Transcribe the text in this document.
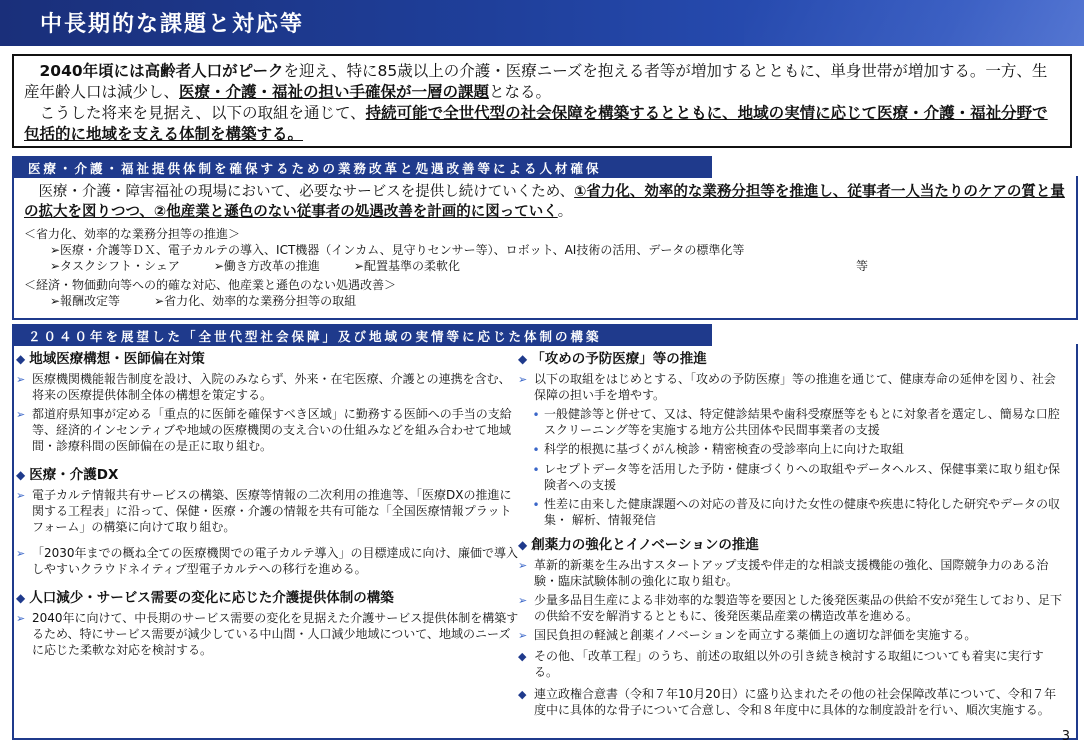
中長期的な課題と対応等

　2040年頃には高齢者人口がピークを迎え、特に85歳以上の介護・医療ニーズを抱える者等が増加するとともに、単身世帯が増加する。一方、生産年齢人口は減少し、医療・介護・福祉の担い手確保が一層の課題となる。

　こうした将来を見据え、以下の取組を通じて、持続可能で全世代型の社会保障を構築するとともに、地域の実情に応じて医療・介護・福祉分野で包括的に地域を支える体制を構築する。

医療・介護・福祉提供体制を確保するための業務改革と処遇改善等による人材確保

　医療・介護・障害福祉の現場において、必要なサービスを提供し続けていくため、①省力化、効率的な業務分担等を推進し、従事者一人当たりのケアの質と量の拡大を図りつつ、②他産業と遜色のない従事者の処遇改善を計画的に図っていく。

＜省力化、効率的な業務分担等の推進＞
➢医療・介護等ＤＸ、電子カルテの導入、ICT機器（インカム、見守りセンサー等）、ロボット、AI技術の活用、データの標準化等
➢タスクシフト・シェア	➢働き方改革の推進	➢配置基準の柔軟化	等
＜経済・物価動向等への的確な対応、他産業と遜色のない処遇改善＞
➢報酬改定等	➢省力化、効率的な業務分担等の取組
２０４０年を展望した「全世代型社会保障」及び地域の実情等に応じた体制の構築
◆ 地域医療構想・医師偏在対策
➢ 医療機関機能報告制度を設け、入院のみならず、外来・在宅医療、介護との連携を含む、将来の医療提供体制全体の構想を策定する。
➢ 都道府県知事が定める「重点的に医師を確保すべき区域」に勤務する医師への手当の支給等、経済的インセンティブや地域の医療機関の支え合いの仕組みなどを組み合わせて地域間・診療科間の医師偏在の是正に取り組む。
◆ 医療・介護DX
➢ 電子カルテ情報共有サービスの構築、医療等情報の二次利用の推進等、「医療DXの推進に関する工程表」に沿って、保健・医療・介護の情報を共有可能な「全国医療情報プラットフォーム」の構築に向けて取り組む。
➢ 「2030年までの概ね全ての医療機関での電子カルテ導入」の目標達成に向け、廉価で導入しやすいクラウドネイティブ型電子カルテへの移行を進める。
◆ 人口減少・サービス需要の変化に応じた介護提供体制の構築
➢ 2040年に向けて、中長期のサービス需要の変化を見据えた介護サービス提供体制を構築するため、特にサービス需要が減少している中山間・人口減少地域について、地域のニーズに応じた柔軟な対応を検討する。
◆ 「攻めの予防医療」等の推進
➢ 以下の取組をはじめとする、「攻めの予防医療」等の推進を通じて、健康寿命の延伸を図り、社会保障の担い手を増やす。
• 一般健診等と併せて、又は、特定健診結果や歯科受療歴等をもとに対象者を選定し、簡易な口腔スクリーニング等を実施する地方公共団体や民間事業者の支援
• 科学的根拠に基づくがん検診・精密検査の受診率向上に向けた取組
• レセプトデータ等を活用した予防・健康づくりへの取組やデータヘルス、保健事業に取り組む保険者への支援
• 性差に由来した健康課題への対応の普及に向けた女性の健康や疾患に特化した研究やデータの収集・ 解析、情報発信
◆ 創薬力の強化とイノベーションの推進
➢ 革新的新薬を生み出すスタートアップ支援や伴走的な相談支援機能の強化、国際競争力のある治験・臨床試験体制の強化に取り組む。
➢ 少量多品目生産による非効率的な製造等を要因とした後発医薬品の供給不安が発生しており、足下の供給不安を解消するとともに、後発医薬品産業の構造改革を進める。
➢ 国民負担の軽減と創薬イノベーションを両立する薬価上の適切な評価を実施する。
◆ その他、「改革工程」のうち、前述の取組以外の引き続き検討する取組についても着実に実行する。
◆ 連立政権合意書（令和７年10月20日）に盛り込まれたその他の社会保障改革について、令和７年度中に具体的な骨子について合意し、令和８年度中に具体的な制度設計を行い、順次実施する。
3
